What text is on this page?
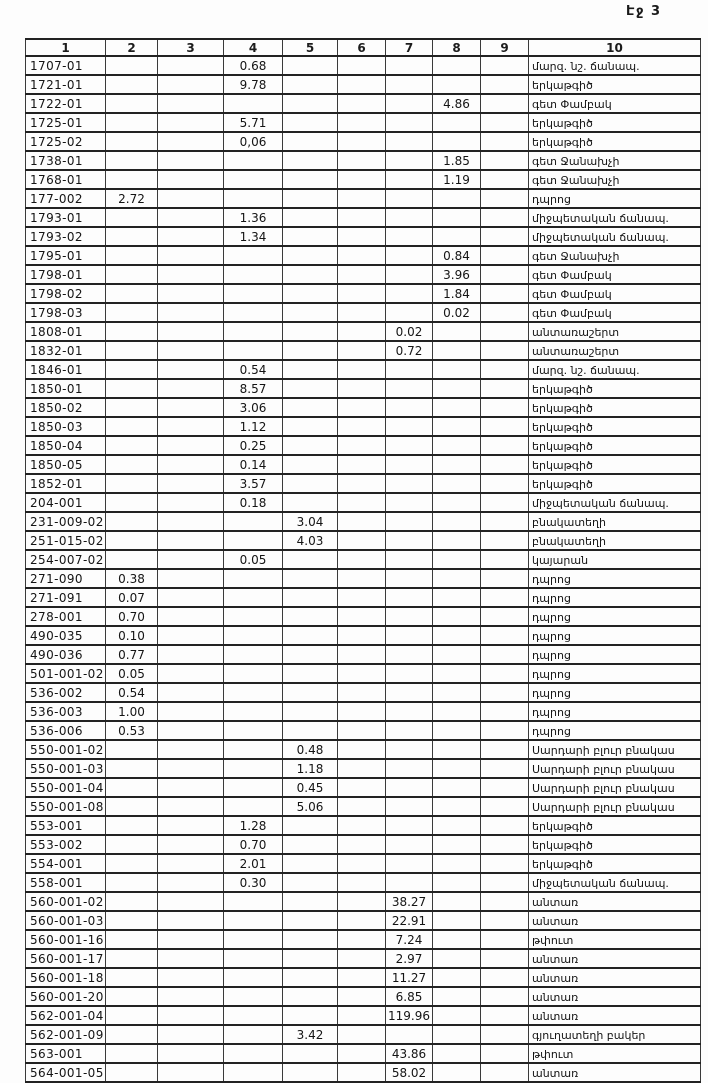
Էջ 3
1	2	3	4	5	6	7	8	9	10
1707-01			0.68						մարզ. նշ. ճանապ.
1721-01			9.78						երկաթգիծ
1722-01							4.86		գետ Փամբակ
1725-01			5.71						երկաթգիծ
1725-02			0,06						երկաթգիծ
1738-01							1.85		գետ Ջանախչի
1768-01							1.19		գետ Ջանախչի
177-002	2.72								դպրոց
1793-01			1.36						միջպետական ճանապ.
1793-02			1.34						միջպետական ճանապ.
1795-01							0.84		գետ Ջանախչի
1798-01							3.96		գետ Փամբակ
1798-02							1.84		գետ Փամբակ
1798-03							0.02		գետ Փամբակ
1808-01						0.02			անտառաշերտ
1832-01						0.72			անտառաշերտ
1846-01			0.54						մարզ. նշ. ճանապ.
1850-01			8.57						երկաթգիծ
1850-02			3.06						երկաթգիծ
1850-03			1.12						երկաթգիծ
1850-04			0.25						երկաթգիծ
1850-05			0.14						երկաթգիծ
1852-01			3.57						երկաթգիծ
204-001			0.18						միջպետական ճանապ.
231-009-02				3.04					բնակատեղի
251-015-02				4.03					բնակատեղի
254-007-02			0.05						կայարան
271-090	0.38								դպրոց
271-091	0.07								դպրոց
278-001	0.70								դպրոց
490-035	0.10								դպրոց
490-036	0.77								դպրոց
501-001-02	0.05								դպրոց
536-002	0.54								դպրոց
536-003	1.00								դպրոց
536-006	0.53								դպրոց
550-001-02				0.48					Սարդարի բլուր բնակաս
550-001-03				1.18					Սարդարի բլուր բնակաս
550-001-04				0.45					Սարդարի բլուր բնակաս
550-001-08				5.06					Սարդարի բլուր բնակաս
553-001			1.28						երկաթգիծ
553-002			0.70						երկաթգիծ
554-001			2.01						երկաթգիծ
558-001			0.30						միջպետական ճանապ.
560-001-02						38.27			անտառ
560-001-03						22.91			անտառ
560-001-16						7.24			թփուտ
560-001-17						2.97			անտառ
560-001-18						11.27			անտառ
560-001-20						6.85			անտառ
562-001-04						119.96			անտառ
562-001-09				3.42					գյուղատեղի բակեր
563-001						43.86			թփուտ
564-001-05						58.02			անտառ
